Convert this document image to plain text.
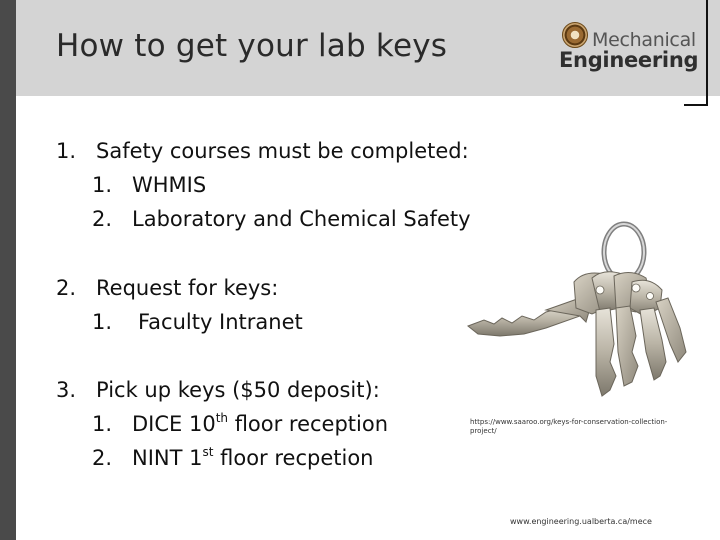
How to get your lab keys	Mechanical
Engineering
1. Safety courses must be completed:
1. WHMIS
2. Laboratory and Chemical Safety
2. Request for keys:
1. Faculty Intranet
3. Pick up keys ($50 deposit):
1. DICE 10th floor reception
2. NINT 1st floor recpetion
https://www.saaroo.org/keys-for-conservation-collection-project/
www.engineering.ualberta.ca/mece
